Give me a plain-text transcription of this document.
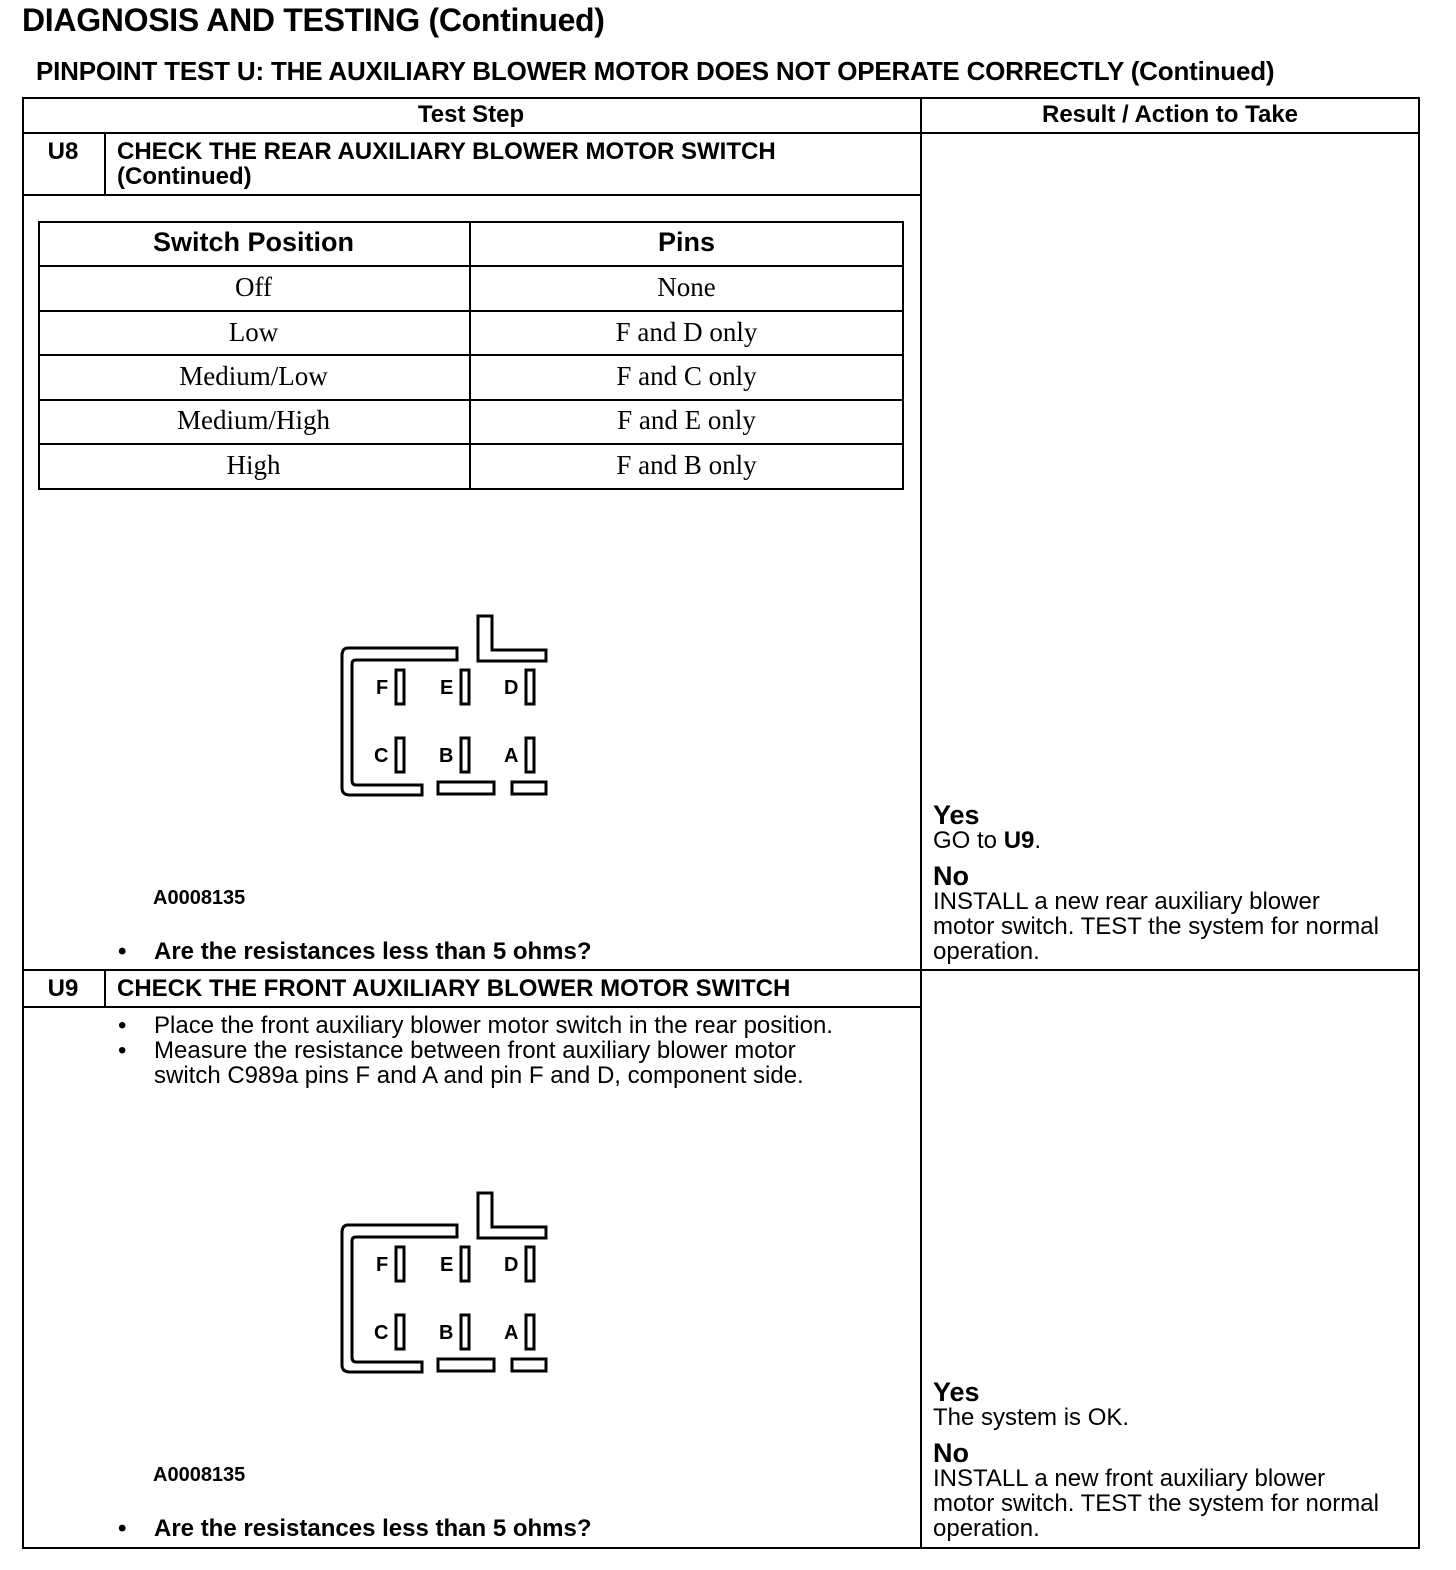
DIAGNOSIS AND TESTING (Continued)
PINPOINT TEST U: THE AUXILIARY BLOWER MOTOR DOES NOT OPERATE CORRECTLY (Continued)
Test Step	Result / Action to Take
U8	CHECK THE REAR AUXILIARY BLOWER MOTOR SWITCH
(Continued)
Switch Position	Pins
Off	None
Low	F and D only
Medium/Low	F and C only
Medium/High	F and E only
High	F and B only
F	E	D
C	B	A
A0008135
• Are the resistances less than 5 ohms?
Yes
GO to U9.
No
INSTALL a new rear auxiliary blower
motor switch. TEST the system for normal
operation.
U9	CHECK THE FRONT AUXILIARY BLOWER MOTOR SWITCH
• Place the front auxiliary blower motor switch in the rear position.
• Measure the resistance between front auxiliary blower motor
switch C989a pins F and A and pin F and D, component side.
F	E	D
C	B	A
A0008135
• Are the resistances less than 5 ohms?
Yes
The system is OK.
No
INSTALL a new front auxiliary blower
motor switch. TEST the system for normal
operation.
